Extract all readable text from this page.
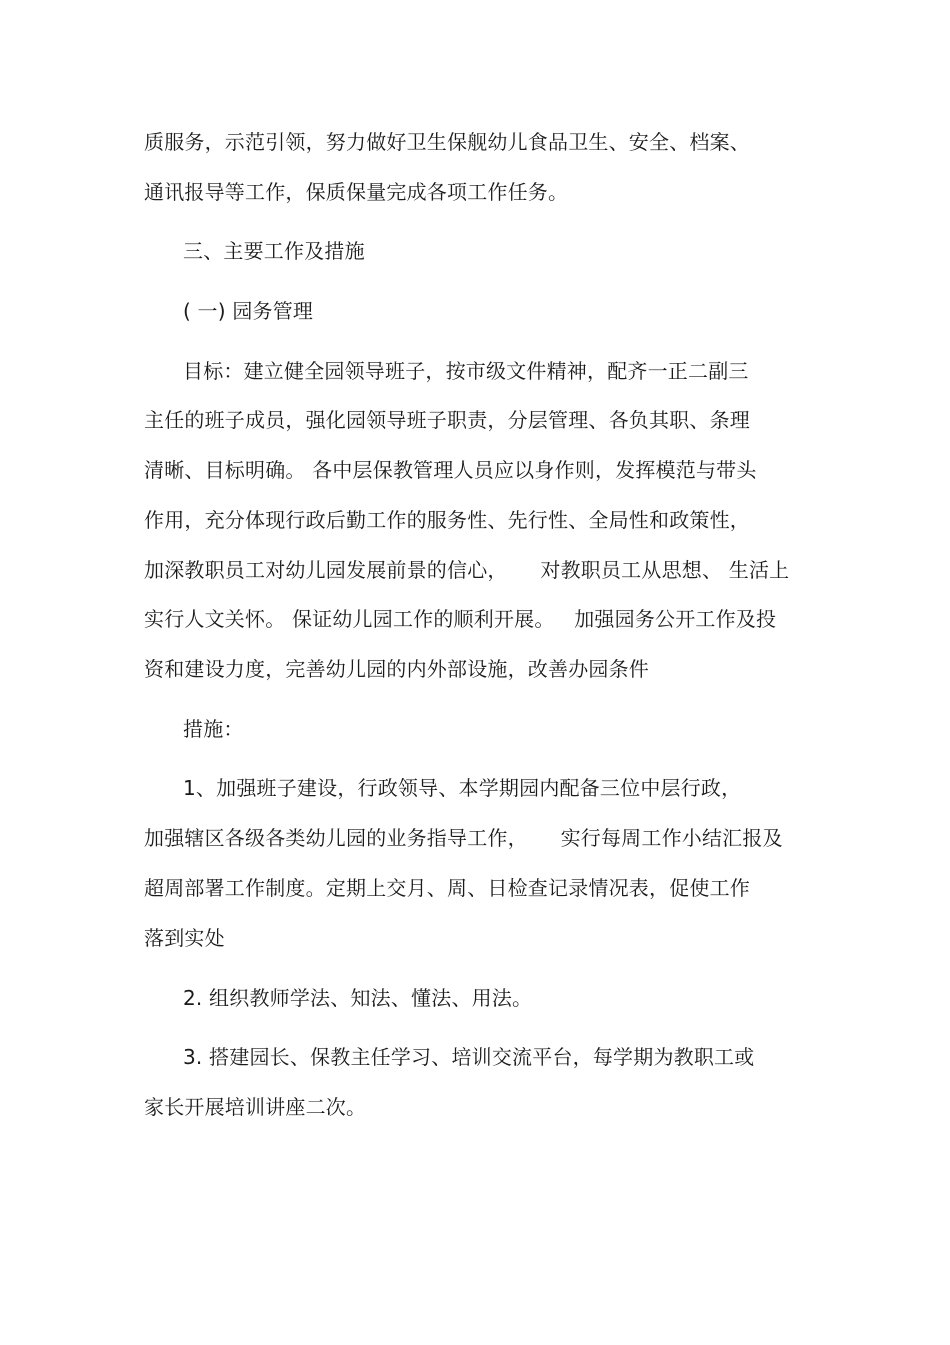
质服务，示范引领，努力做好卫生保舰幼儿食品卫生、安全、档案、
通讯报导等工作，保质保量完成各项工作任务。
三、主要工作及措施
( 一) 园务管理
目标：建立健全园领导班子，按市级文件精神，配齐一正二副三
主任的班子成员，强化园领导班子职责，分层管理、各负其职、条理
清晰、目标明确。 各中层保教管理人员应以身作则，发挥模范与带头
作用，充分体现行政后勤工作的服务性、先行性、全局性和政策性，
加深教职员工对幼儿园发展前景的信心，     对教职员工从思想、 生活上
实行人文关怀。 保证幼儿园工作的顺利开展。   加强园务公开工作及投
资和建设力度，完善幼儿园的内外部设施，改善办园条件
措施：
1、加强班子建设，行政领导、本学期园内配备三位中层行政，
加强辖区各级各类幼儿园的业务指导工作，     实行每周工作小结汇报及
超周部署工作制度。定期上交月、周、日检查记录情况表，促使工作
落到实处
2. 组织教师学法、知法、懂法、用法。
3. 搭建园长、保教主任学习、培训交流平台，每学期为教职工或
家长开展培训讲座二次。
